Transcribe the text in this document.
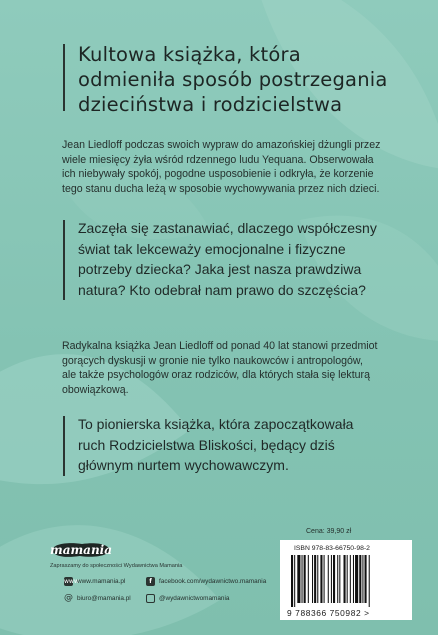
Kultowa książka, która
odmieniła sposób postrzegania
dzieciństwa i rodzicielstwa
Jean Liedloff podczas swoich wypraw do amazońskiej dżungli przez
wiele miesięcy żyła wśród rdzennego ludu Yequana. Obserwowała
ich niebywały spokój, pogodne usposobienie i odkryła, że korzenie
tego stanu ducha leżą w sposobie wychowywania przez nich dzieci.
Zaczęła się zastanawiać, dlaczego współczesny
świat tak lekceważy emocjonalne i fizyczne
potrzeby dziecka? Jaka jest nasza prawdziwa
natura? Kto odebrał nam prawo do szczęścia?
Radykalna książka Jean Liedloff od ponad 40 lat stanowi przedmiot
gorących dyskusji w gronie nie tylko naukowców i antropologów,
ale także psychologów oraz rodziców, dla których stała się lekturą
obowiązkową.
To pionierska książka, która zapoczątkowała
ruch Rodzicielstwa Bliskości, będący dziś
głównym nurtem wychowawczym.
mamania
Zapraszamy do społeczności Wydawnictwa Mamania
www
www.mamania.pl
@ biuro@mamania.pl
f	facebook.com/wydawnictwo.mamania
@wydawnictwomamania
Cena: 39,90 zł
ISBN 978-83-66750-98-2
9 788366 750982 >
